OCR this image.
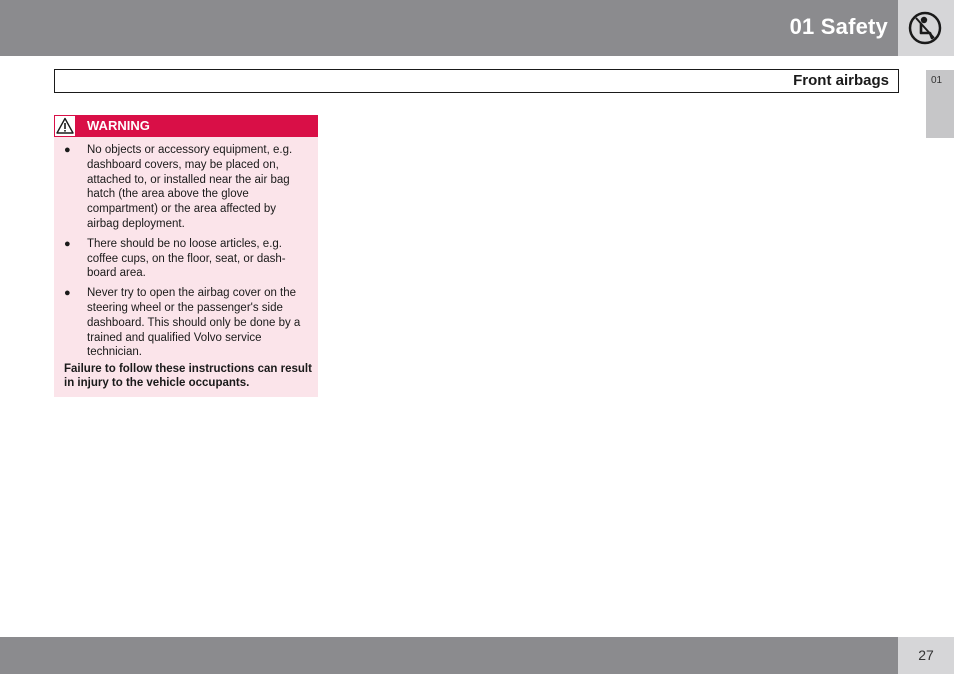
01 Safety
Front airbags	01
WARNING
● No objects or accessory equipment, e.g. dashboard covers, may be placed on, attached to, or installed near the air bag hatch (the area above the glove compartment) or the area affected by airbag deployment.
● There should be no loose articles, e.g. coffee cups, on the floor, seat, or dash-board area.
● Never try to open the airbag cover on the steering wheel or the passenger's side dashboard. This should only be done by a trained and qualified Volvo service technician.
Failure to follow these instructions can result in injury to the vehicle occupants.
27
